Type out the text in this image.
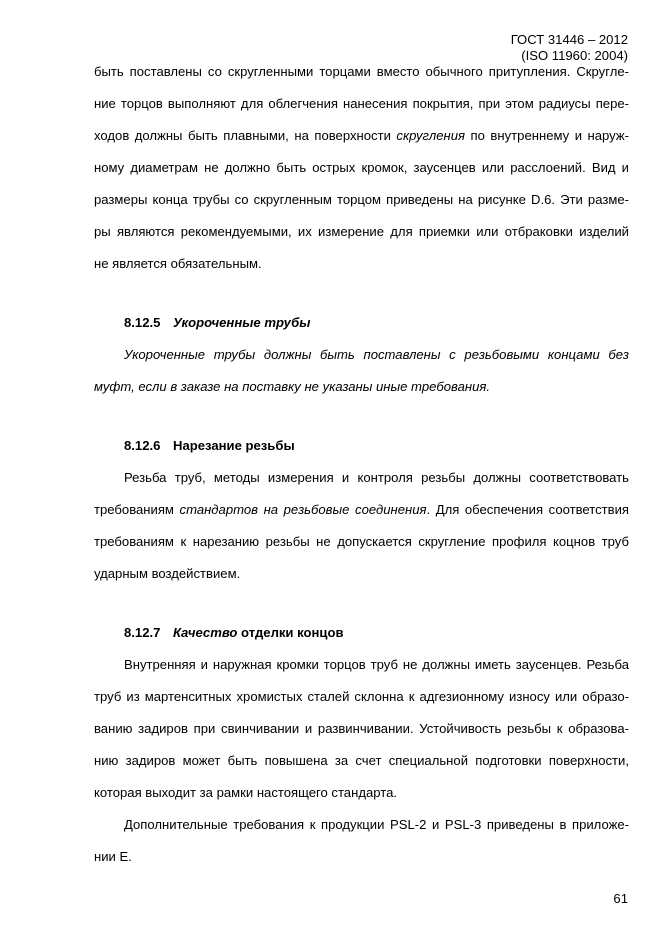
ГОСТ 31446 – 2012
(ISO 11960: 2004)
быть поставлены со скругленными торцами вместо обычного притупления. Скругле-
ние торцов выполняют для облегчения нанесения покрытия, при этом радиусы пере-
ходов должны быть плавными, на поверхности скругления по внутреннему и наруж-
ному диаметрам не должно быть острых кромок, заусенцев или расслоений. Вид и
размеры конца трубы со скругленным торцом приведены на рисунке D.6. Эти разме-
ры являются рекомендуемыми, их измерение для приемки или отбраковки изделий
не является обязательным.
8.12.5 Укороченные трубы
Укороченные трубы должны быть поставлены с резьбовыми концами без
муфт, если в заказе на поставку не указаны иные требования.
8.12.6 Нарезание резьбы
Резьба труб, методы измерения и контроля резьбы должны соответствовать
требованиям стандартов на резьбовые соединения. Для обеспечения соответствия
требованиям к нарезанию резьбы не допускается скругление профиля коцнов труб
ударным воздействием.
8.12.7 Качество отделки концов
Внутренняя и наружная кромки торцов труб не должны иметь заусенцев. Резьба
труб из мартенситных хромистых сталей склонна к адгезионному износу или образо-
ванию задиров при свинчивании и развинчивании. Устойчивость резьбы к образова-
нию задиров может быть повышена за счет специальной подготовки поверхности,
которая выходит за рамки настоящего стандарта.
Дополнительные требования к продукции PSL-2 и PSL-3 приведены в приложе-
нии Е.
61
